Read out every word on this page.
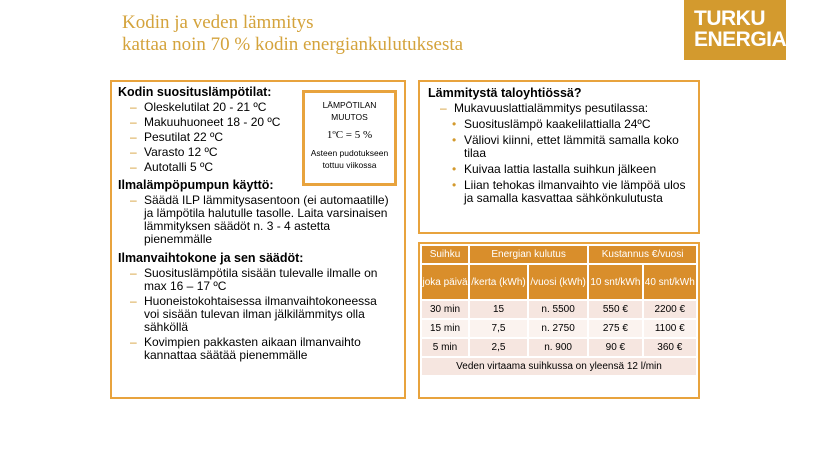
Kodin ja veden lämmitys
kattaa noin 70 % kodin energiankulutuksesta
TURKU
ENERGIA
Kodin suosituslämpötilat:
– Oleskelutilat 20 - 21 ºC
– Makuuhuoneet 18 - 20 ºC
– Pesutilat 22 ºC
– Varasto 12 ºC
– Autotalli 5 ºC
Ilmalämpöpumpun käyttö:
– Säädä ILP lämmitysasentoon (ei automaatille) ja lämpötila halutulle tasolle. Laita varsinaisen lämmityksen säädöt n. 3 - 4 astetta pienemmälle
Ilmanvaihtokone ja sen säädöt:
– Suosituslämpötila sisään tulevalle ilmalle on max 16 – 17 ºC
– Huoneistokohtaisessa ilmanvaihtokoneessa voi sisään tulevan ilman jälkilämmitys olla sähköllä
– Kovimpien pakkasten aikaan ilmanvaihto kannattaa säätää pienemmälle
LÄMPÖTILAN
MUUTOS
1ºC = 5 %
Asteen pudotukseen
tottuu viikossa
Lämmitystä taloyhtiössä?
– Mukavuuslattialämmitys pesutilassa:
• Suosituslämpö kaakelilattialla 24ºC
• Väliovi kiinni, ettet lämmitä samalla koko tilaa
• Kuivaa lattia lastalla suihkun jälkeen
• Liian tehokas ilmanvaihto vie lämpöä ulos ja samalla kasvattaa sähkönkulutusta
Suihku	Energian kulutus		Kustannus €/vuosi	
joka päivä	/kerta (kWh)	/vuosi (kWh)	10 snt/kWh	40 snt/kWh
30 min	15	n. 5500	550 €	2200 €
15 min	7,5	n. 2750	275 €	1100 €
5 min	2,5	n. 900	90 €	360 €
Veden virtaama suihkussa on yleensä 12 l/min				
